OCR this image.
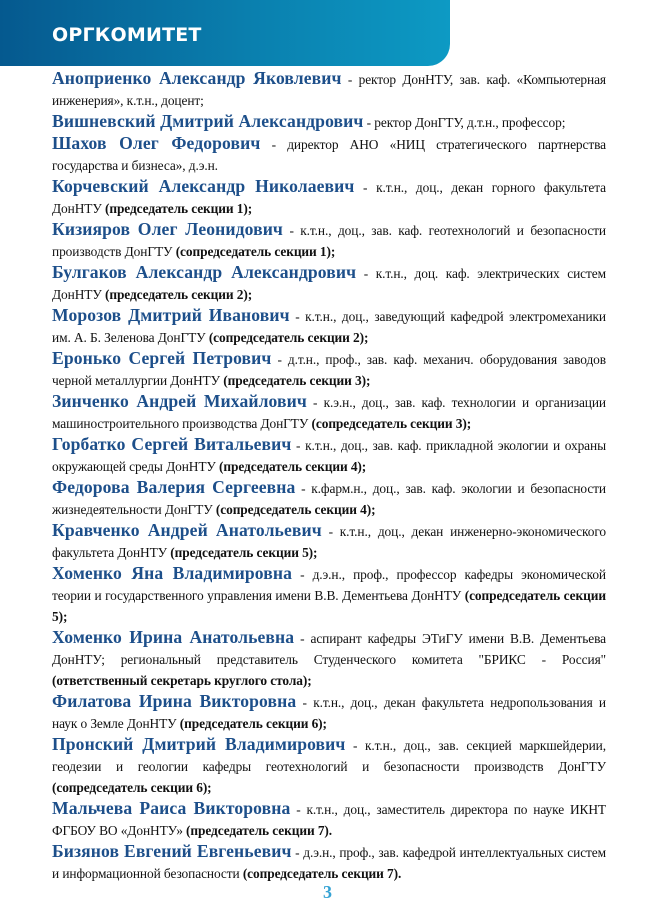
ОРГКОМИТЕТ

Аноприенко Александр Яковлевич - ректор ДонНТУ, зав. каф. «Компьютерная инженерия», к.т.н., доцент;

Вишневский Дмитрий Александрович - ректор ДонГТУ, д.т.н., профессор;

Шахов Олег Федорович - директор АНО «НИЦ стратегического партнерства государства и бизнеса», д.э.н.

Корчевский Александр Николаевич - к.т.н., доц., декан горного факультета ДонНТУ (председатель секции 1);

Кизияров Олег Леонидович - к.т.н., доц., зав. каф. геотехнологий и безопасности производств ДонГТУ (сопредседатель секции 1);

Булгаков Александр Александрович - к.т.н., доц. каф. электрических систем ДонНТУ (председатель секции 2);

Морозов Дмитрий Иванович - к.т.н., доц., заведующий кафедрой электромеханики им. А. Б. Зеленова ДонГТУ (сопредседатель секции 2);

Еронько Сергей Петрович - д.т.н., проф., зав. каф. механич. оборудования заводов черной металлургии ДонНТУ (председатель секции 3);

Зинченко Андрей Михайлович - к.э.н., доц., зав. каф. технологии и организации машиностроительного производства ДонГТУ (сопредседатель секции 3);

Горбатко Сергей Витальевич - к.т.н., доц., зав. каф. прикладной экологии и охраны окружающей среды ДонНТУ (председатель секции 4);

Федорова Валерия Сергеевна - к.фарм.н., доц., зав. каф. экологии и безопасности жизнедеятельности ДонГТУ (сопредседатель секции 4);

Кравченко Андрей Анатольевич - к.т.н., доц., декан инженерно-экономического факультета ДонНТУ (председатель секции 5);

Хоменко Яна Владимировна - д.э.н., проф., профессор кафедры экономической теории и государственного управления имени В.В. Дементьева ДонНТУ (сопредседатель секции 5);

Хоменко Ирина Анатольевна - аспирант кафедры ЭТиГУ имени В.В. Дементьева ДонНТУ; региональный представитель Студенческого комитета "БРИКС - Россия" (ответственный секретарь круглого стола);

Филатова Ирина Викторовна - к.т.н., доц., декан факультета недропользования и наук о Земле ДонНТУ (председатель секции 6);

Пронский Дмитрий Владимирович - к.т.н., доц., зав. секцией маркшейдерии, геодезии и геологии кафедры геотехнологий и безопасности производств ДонГТУ (сопредседатель секции 6);

Мальчева Раиса Викторовна - к.т.н., доц., заместитель директора по науке ИКНТ ФГБОУ ВО «ДонНТУ» (председатель секции 7).

Бизянов Евгений Евгеньевич - д.э.н., проф., зав. кафедрой интеллектуальных систем и информационной безопасности (сопредседатель секции 7).

3
